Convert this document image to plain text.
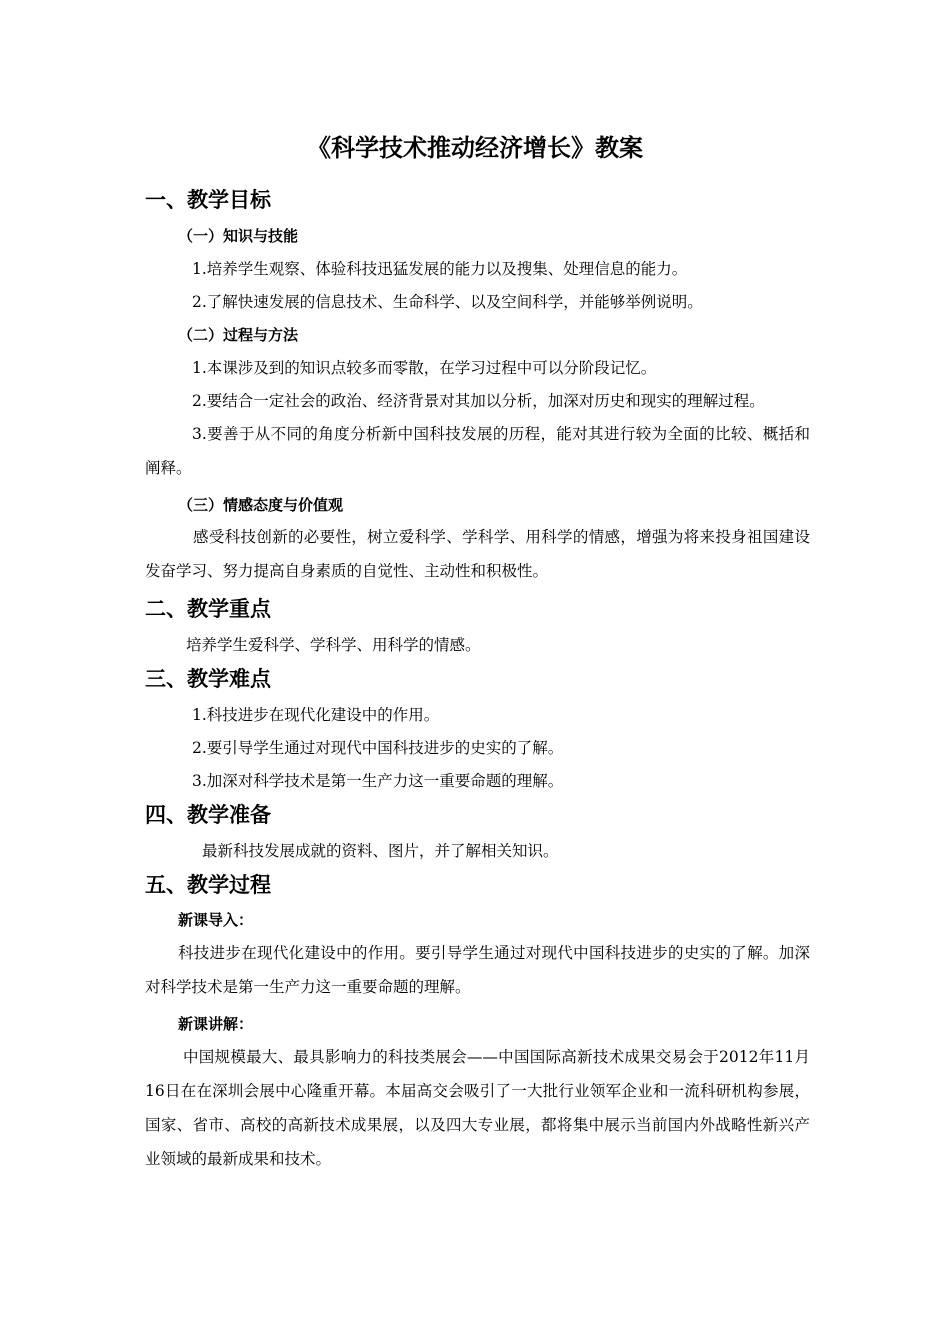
《科学技术推动经济增长》教案
一、教学目标
（一）知识与技能
1.培养学生观察、体验科技迅猛发展的能力以及搜集、处理信息的能力。
2.了解快速发展的信息技术、生命科学、以及空间科学，并能够举例说明。
（二）过程与方法
1.本课涉及到的知识点较多而零散，在学习过程中可以分阶段记忆。
2.要结合一定社会的政治、经济背景对其加以分析，加深对历史和现实的理解过程。
3.要善于从不同的角度分析新中国科技发展的历程，能对其进行较为全面的比较、概括和阐释。
（三）情感态度与价值观
感受科技创新的必要性，树立爱科学、学科学、用科学的情感，增强为将来投身祖国建设发奋学习、努力提高自身素质的自觉性、主动性和积极性。
二、教学重点
培养学生爱科学、学科学、用科学的情感。
三、教学难点
1.科技进步在现代化建设中的作用。
2.要引导学生通过对现代中国科技进步的史实的了解。
3.加深对科学技术是第一生产力这一重要命题的理解。
四、教学准备
最新科技发展成就的资料、图片，并了解相关知识。
五、教学过程
新课导入：
科技进步在现代化建设中的作用。要引导学生通过对现代中国科技进步的史实的了解。加深对科学技术是第一生产力这一重要命题的理解。
新课讲解：
中国规模最大、最具影响力的科技类展会——中国国际高新技术成果交易会于2012年11月16日在在深圳会展中心隆重开幕。本届高交会吸引了一大批行业领军企业和一流科研机构参展，国家、省市、高校的高新技术成果展，以及四大专业展，都将集中展示当前国内外战略性新兴产业领域的最新成果和技术。
